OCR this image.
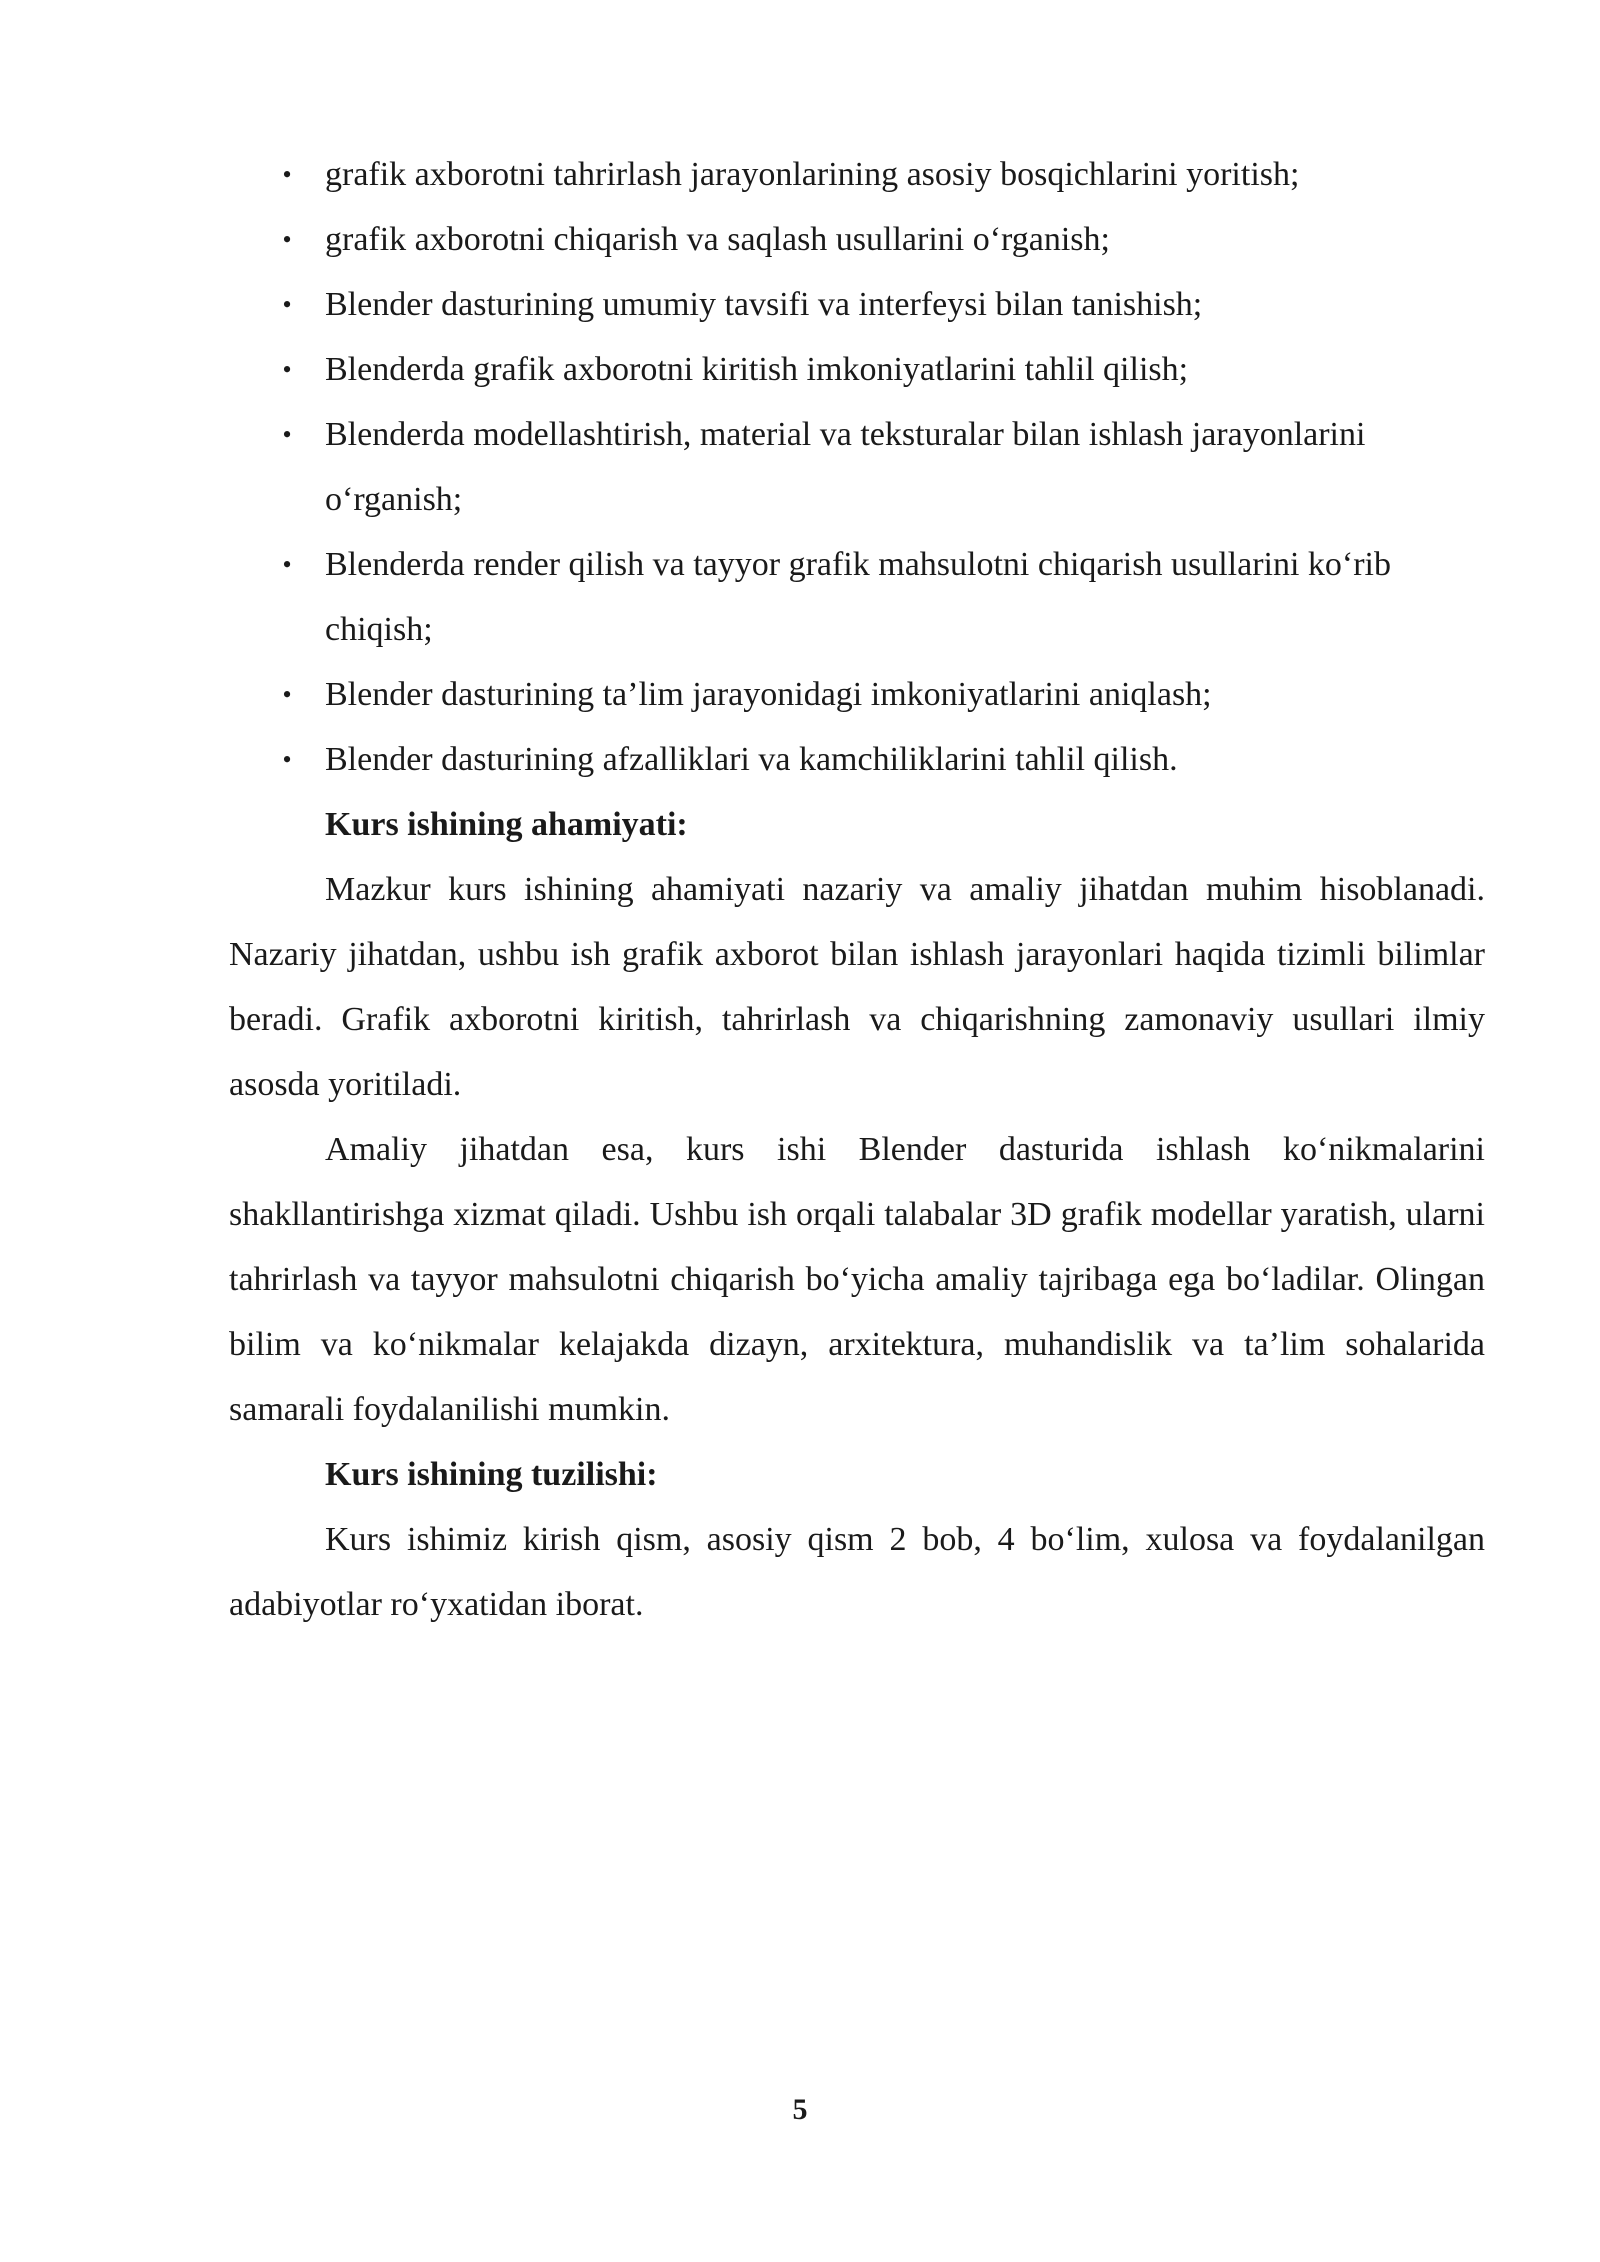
• grafik axborotni tahrirlash jarayonlarining asosiy bosqichlarini yoritish;
• grafik axborotni chiqarish va saqlash usullarini o‘rganish;
• Blender dasturining umumiy tavsifi va interfeysi bilan tanishish;
• Blenderda grafik axborotni kiritish imkoniyatlarini tahlil qilish;
• Blenderda modellashtirish, material va teksturalar bilan ishlash jarayonlarini
o‘rganish;
• Blenderda render qilish va tayyor grafik mahsulotni chiqarish usullarini ko‘rib
chiqish;
• Blender dasturining ta’lim jarayonidagi imkoniyatlarini aniqlash;
• Blender dasturining afzalliklari va kamchiliklarini tahlil qilish.

Kurs ishining ahamiyati:

Mazkur kurs ishining ahamiyati nazariy va amaliy jihatdan muhim hisoblanadi. Nazariy jihatdan, ushbu ish grafik axborot bilan ishlash jarayonlari haqida tizimli bilimlar beradi. Grafik axborotni kiritish, tahrirlash va chiqarishning zamonaviy usullari ilmiy asosda yoritiladi.

Amaliy jihatdan esa, kurs ishi Blender dasturida ishlash ko‘nikmalarini shakllantirishga xizmat qiladi. Ushbu ish orqali talabalar 3D grafik modellar yaratish, ularni tahrirlash va tayyor mahsulotni chiqarish bo‘yicha amaliy tajribaga ega bo‘ladilar. Olingan bilim va ko‘nikmalar kelajakda dizayn, arxitektura, muhandislik va ta’lim sohalarida samarali foydalanilishi mumkin.

Kurs ishining tuzilishi:

Kurs ishimiz kirish qism, asosiy qism 2 bob, 4 bo‘lim, xulosa va foydalanilgan adabiyotlar ro‘yxatidan iborat.

5
